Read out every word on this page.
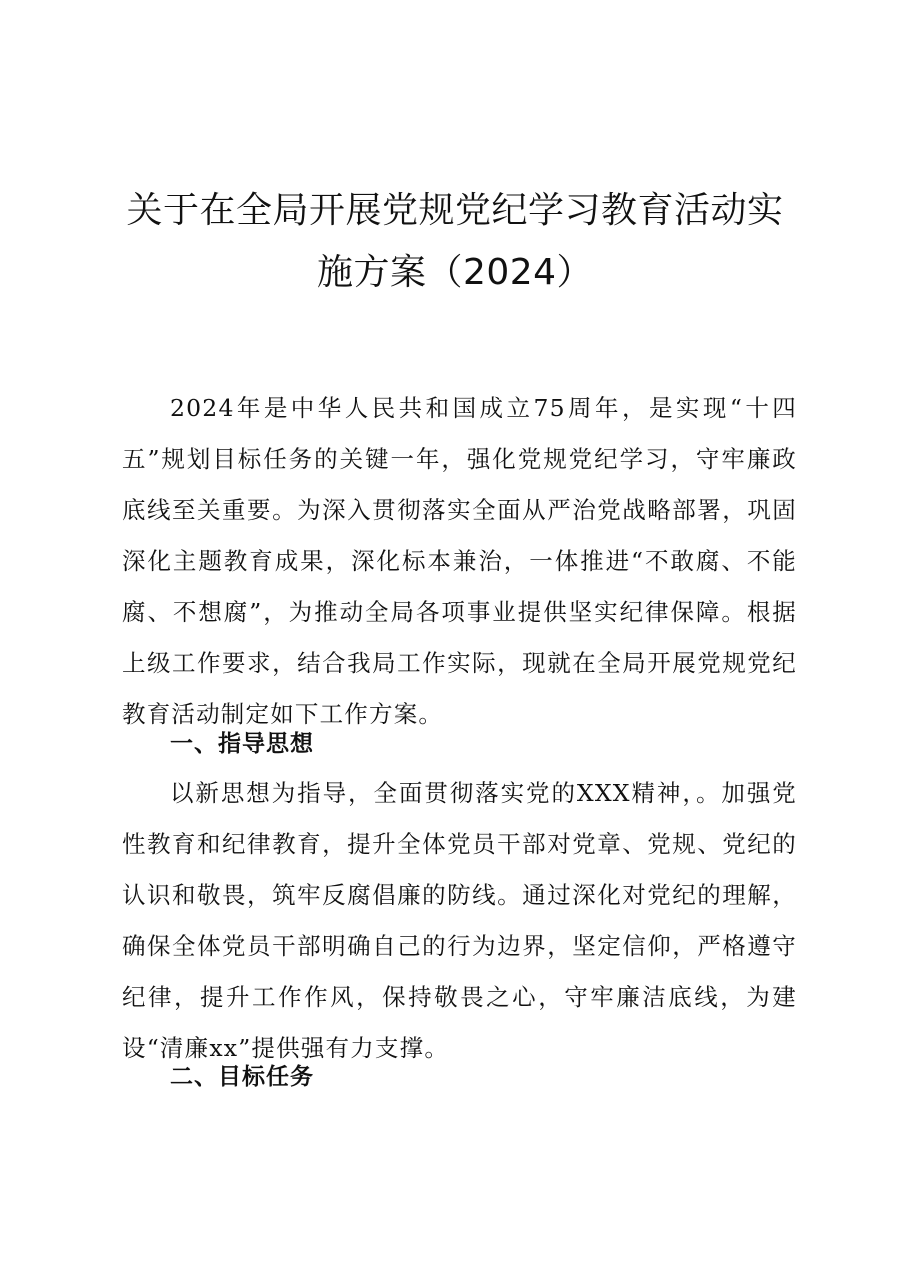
关于在全局开展党规党纪学习教育活动实施方案（2024）

2024年是中华人民共和国成立75周年，是实现“十四五”规划目标任务的关键一年，强化党规党纪学习，守牢廉政底线至关重要。为深入贯彻落实全面从严治党战略部署，巩固深化主题教育成果，深化标本兼治，一体推进“不敢腐、不能腐、不想腐”，为推动全局各项事业提供坚实纪律保障。根据上级工作要求，结合我局工作实际，现就在全局开展党规党纪教育活动制定如下工作方案。

一、指导思想

以新思想为指导，全面贯彻落实党的XXX精神，。加强党性教育和纪律教育，提升全体党员干部对党章、党规、党纪的认识和敬畏，筑牢反腐倡廉的防线。通过深化对党纪的理解，确保全体党员干部明确自己的行为边界，坚定信仰，严格遵守纪律，提升工作作风，保持敬畏之心，守牢廉洁底线，为建设“清廉xx”提供强有力支撑。

二、目标任务
